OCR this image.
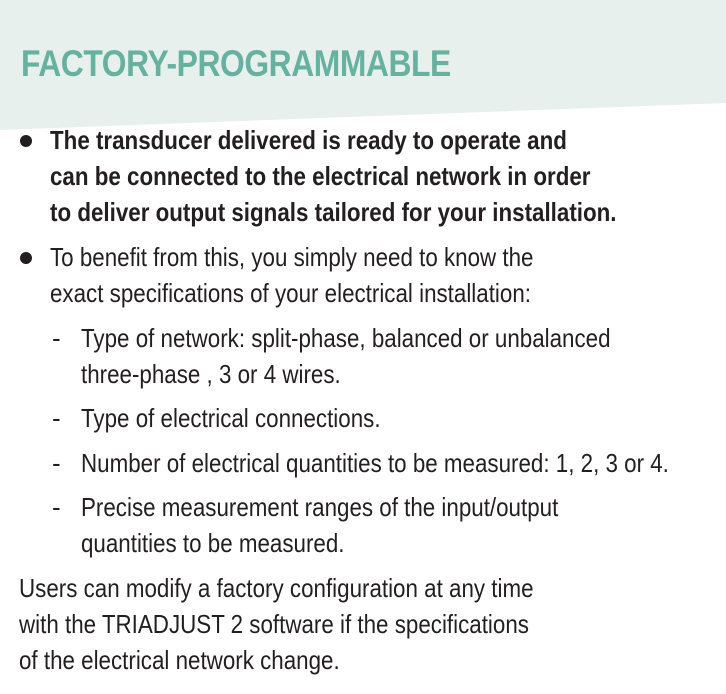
FACTORY-PROGRAMMABLE
The transducer delivered is ready to operate and
can be connected to the electrical network in order
to deliver output signals tailored for your installation.
To benefit from this, you simply need to know the
exact specifications of your electrical installation:
- Type of network: split-phase, balanced or unbalanced
three-phase , 3 or 4 wires.
- Type of electrical connections.
- Number of electrical quantities to be measured: 1, 2, 3 or 4.
- Precise measurement ranges of the input/output
quantities to be measured.
Users can modify a factory configuration at any time
with the TRIADJUST 2 software if the specifications
of the electrical network change.
